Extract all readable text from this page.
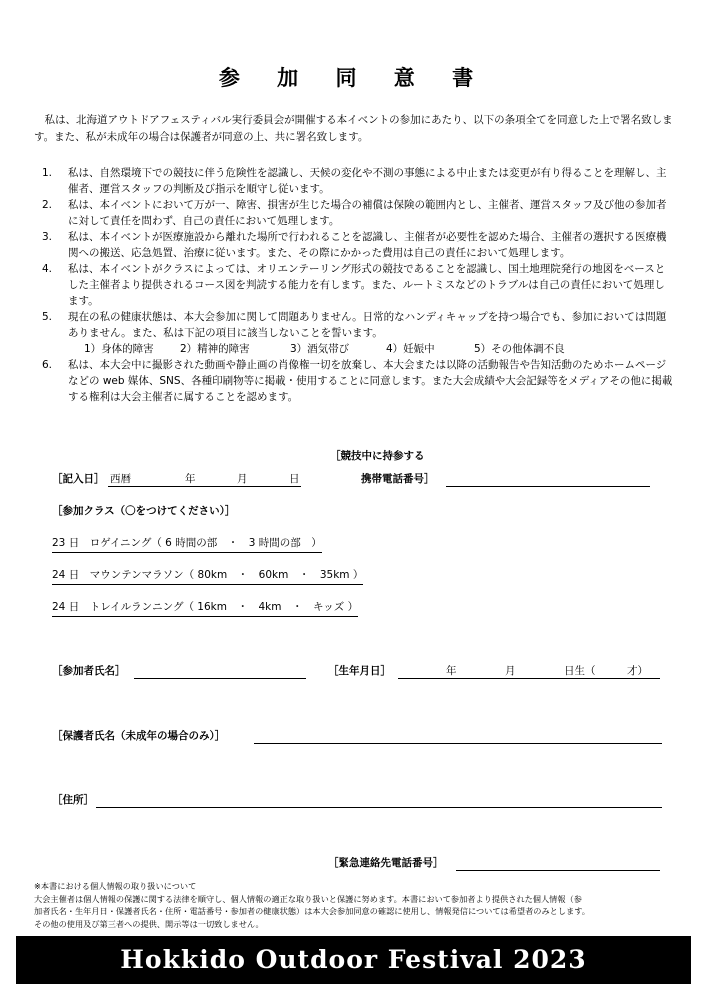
参 加 同 意 書
私は、北海道アウトドアフェスティバル実行委員会が開催する本イベントの参加にあたり、以下の条項全てを同意した上で署名致します。また、私が未成年の場合は保護者が同意の上、共に署名致します。
1. 私は、自然環境下での競技に伴う危険性を認識し、天候の変化や不測の事態による中止または変更が有り得ることを理解し、主催者、運営スタッフの判断及び指示を順守し従います。
2. 私は、本イベントにおいて万が一、障害、損害が生じた場合の補償は保険の範囲内とし、主催者、運営スタッフ及び他の参加者に対して責任を問わず、自己の責任において処理します。
3. 私は、本イベントが医療施設から離れた場所で行われることを認識し、主催者が必要性を認めた場合、主催者の選択する医療機関への搬送、応急処置、治療に従います。また、その際にかかった費用は自己の責任において処理します。
4. 私は、本イベントがクラスによっては、オリエンテーリング形式の競技であることを認識し、国土地理院発行の地図をベースとした主催者より提供されるコース図を判読する能力を有します。また、ルートミスなどのトラブルは自己の責任において処理します。
5. 現在の私の健康状態は、本大会参加に関して問題ありません。日常的なハンディキャップを持つ場合でも、参加においては問題ありません。また、私は下記の項目に該当しないことを誓います。
1）身体的障害	2）精神的障害	3）酒気帯び	4）妊娠中	5）その他体調不良
6. 私は、本大会中に撮影された動画や静止画の肖像権一切を放棄し、本大会または以降の活動報告や告知活動のためホームページなどの web 媒体、SNS、各種印刷物等に掲載・使用することに同意します。また大会成績や大会記録等をメディアその他に掲載する権利は大会主催者に属することを認めます。
［競技中に持参する
［記入日］ 西暦	年	月	日	携帯電話番号］
［参加クラス（〇をつけてください）］
23 日　ロゲイニング（ 6 時間の部　・　3 時間の部　）
24 日　マウンテンマラソン（ 80km　・　60km　・　35km ）
24 日　トレイルランニング（ 16km　・　4km　・　キッズ ）
［参加者氏名］	［生年月日］	年	月	日生（　　　才）
［保護者氏名（未成年の場合のみ）］
［住所］
［緊急連絡先電話番号］
※本書における個人情報の取り扱いについて
大会主催者は個人情報の保護に関する法律を順守し、個人情報の適正な取り扱いと保護に努めます。本書において参加者より提供された個人情報（参
加者氏名・生年月日・保護者氏名・住所・電話番号・参加者の健康状態）は本大会参加同意の確認に使用し、情報発信については希望者のみとします。
その他の使用及び第三者への提供、開示等は一切致しません。
Hokkido Outdoor Festival 2023
